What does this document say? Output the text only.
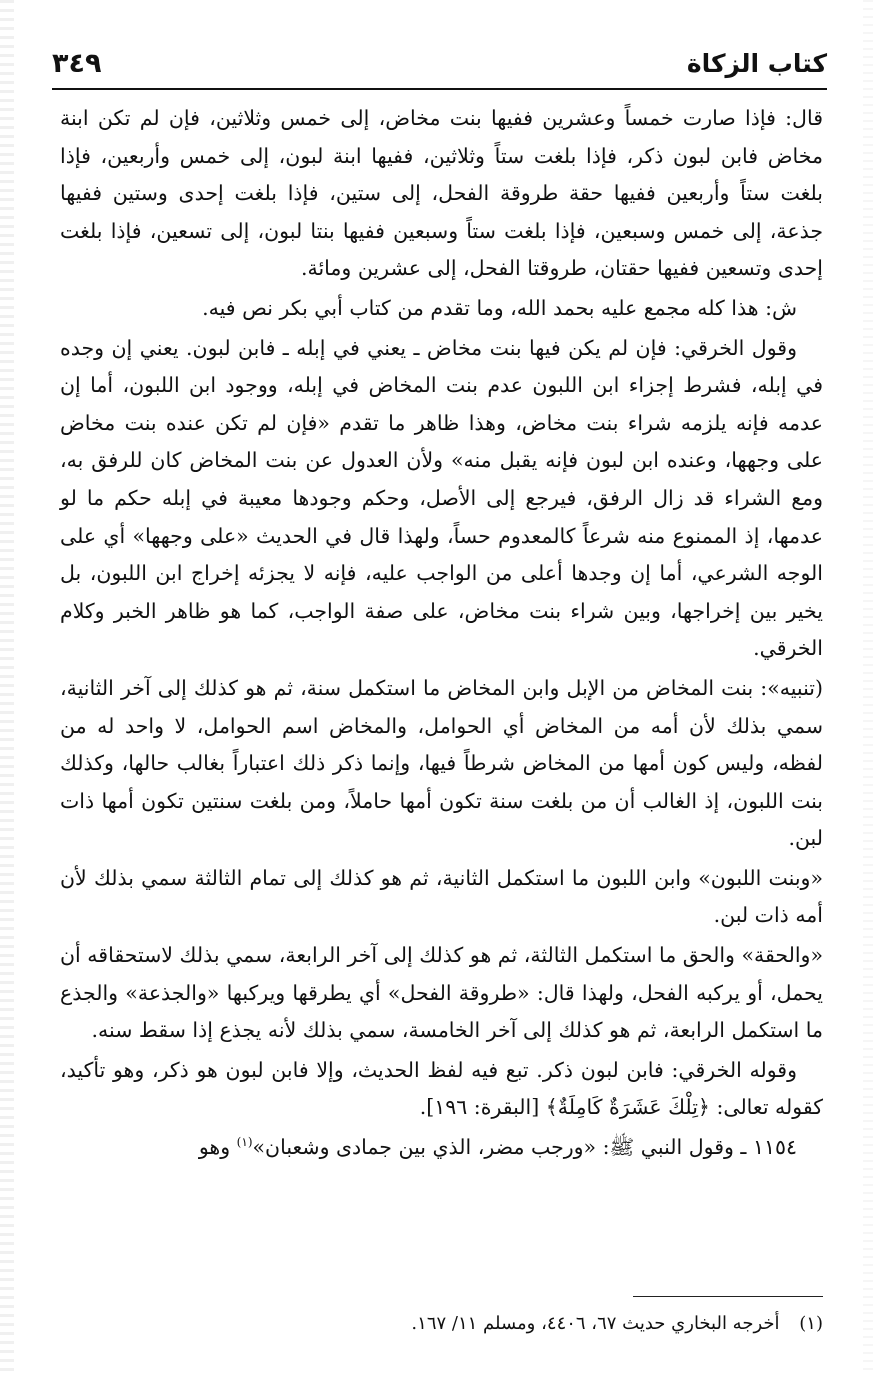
كتاب الزكاة
٣٤٩

قال: فإذا صارت خمساً وعشرين ففيها بنت مخاض، إلى خمس وثلاثين، فإن لم تكن ابنة مخاض فابن لبون ذكر، فإذا بلغت ستاً وثلاثين، ففيها ابنة لبون، إلى خمس وأربعين، فإذا بلغت ستاً وأربعين ففيها حقة طروقة الفحل، إلى ستين، فإذا بلغت إحدى وستين ففيها جذعة، إلى خمس وسبعين، فإذا بلغت ستاً وسبعين ففيها بنتا لبون، إلى تسعين، فإذا بلغت إحدى وتسعين ففيها حقتان، طروقتا الفحل، إلى عشرين ومائة.

ش: هذا كله مجمع عليه بحمد الله، وما تقدم من كتاب أبي بكر نص فيه.

وقول الخرقي: فإن لم يكن فيها بنت مخاض ـ يعني في إبله ـ فابن لبون. يعني إن وجده في إبله، فشرط إجزاء ابن اللبون عدم بنت المخاض في إبله، ووجود ابن اللبون، أما إن عدمه فإنه يلزمه شراء بنت مخاض، وهذا ظاهر ما تقدم «فإن لم تكن عنده بنت مخاض على وجهها، وعنده ابن لبون فإنه يقبل منه» ولأن العدول عن بنت المخاض كان للرفق به، ومع الشراء قد زال الرفق، فيرجع إلى الأصل، وحكم وجودها معيبة في إبله حكم ما لو عدمها، إذ الممنوع منه شرعاً كالمعدوم حساً، ولهذا قال في الحديث «على وجهها» أي على الوجه الشرعي، أما إن وجدها أعلى من الواجب عليه، فإنه لا يجزئه إخراج ابن اللبون، بل يخير بين إخراجها، وبين شراء بنت مخاض، على صفة الواجب، كما هو ظاهر الخبر وكلام الخرقي.

(تنبيه»: بنت المخاض من الإبل وابن المخاض ما استكمل سنة، ثم هو كذلك إلى آخر الثانية، سمي بذلك لأن أمه من المخاض أي الحوامل، والمخاض اسم الحوامل، لا واحد له من لفظه، وليس كون أمها من المخاض شرطاً فيها، وإنما ذكر ذلك اعتباراً بغالب حالها، وكذلك بنت اللبون، إذ الغالب أن من بلغت سنة تكون أمها حاملاً، ومن بلغت سنتين تكون أمها ذات لبن.

«وبنت اللبون» وابن اللبون ما استكمل الثانية، ثم هو كذلك إلى تمام الثالثة سمي بذلك لأن أمه ذات لبن.

«والحقة» والحق ما استكمل الثالثة، ثم هو كذلك إلى آخر الرابعة، سمي بذلك لاستحقاقه أن يحمل، أو يركبه الفحل، ولهذا قال: «طروقة الفحل» أي يطرقها ويركبها «والجذعة» والجذع ما استكمل الرابعة، ثم هو كذلك إلى آخر الخامسة، سمي بذلك لأنه يجذع إذا سقط سنه.

وقوله الخرقي: فابن لبون ذكر. تبع فيه لفظ الحديث، وإلا فابن لبون هو ذكر، وهو تأكيد، كقوله تعالى: ﴿تِلْكَ عَشَرَةٌ كَامِلَةٌ﴾ [البقرة: ١٩٦].

١١٥٤ ـ وقول النبي ﷺ: «ورجب مضر، الذي بين جمادى وشعبان»$^{(١)}$ وهو

(١) أخرجه البخاري حديث ٦٧، ٤٤٠٦، ومسلم ١١/ ١٦٧.
